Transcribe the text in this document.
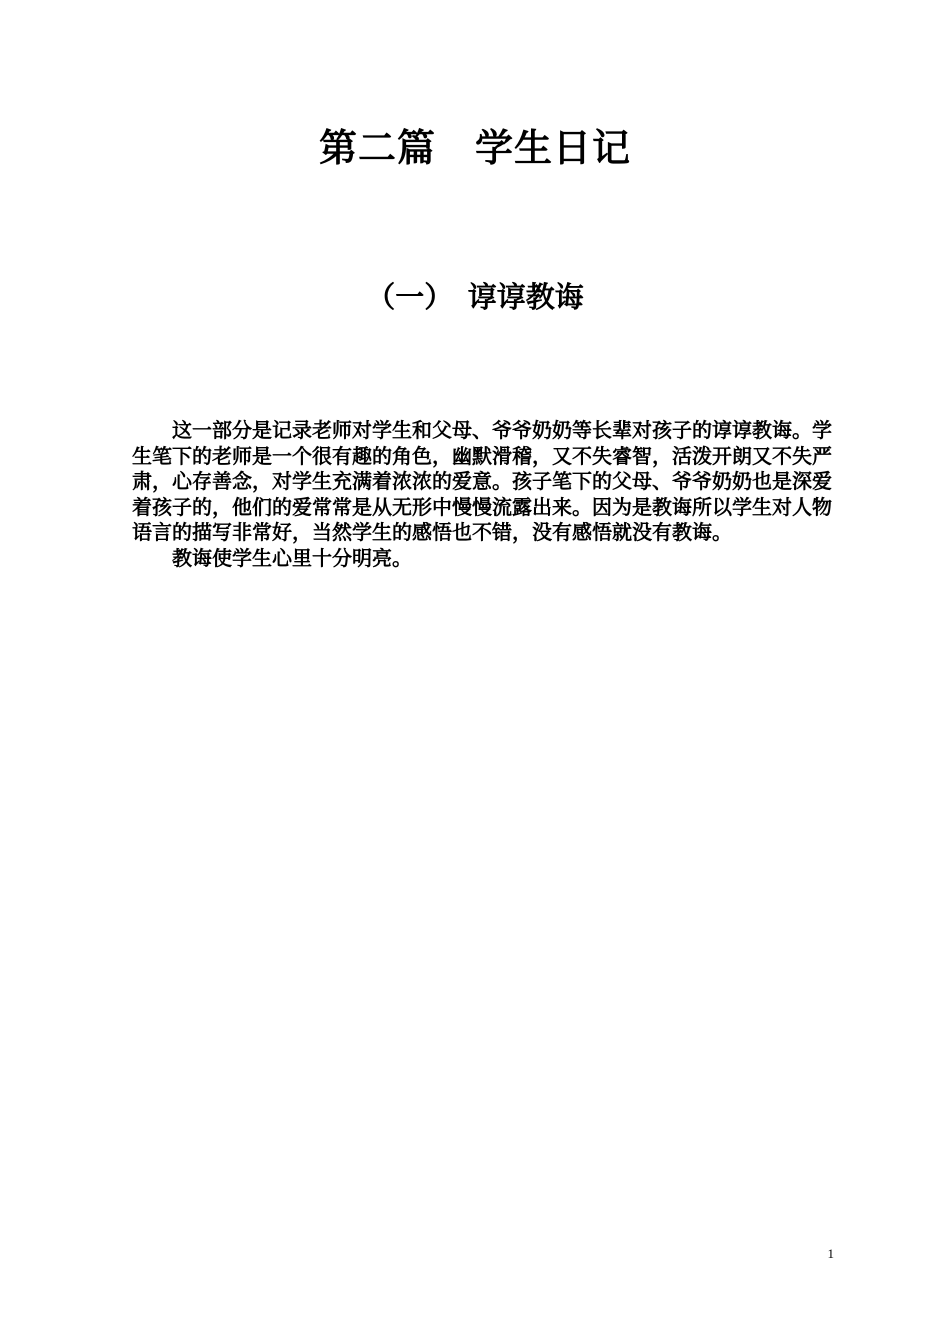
第二篇　学生日记
（一）　谆谆教诲

这一部分是记录老师对学生和父母、爷爷奶奶等长辈对孩子的谆谆教诲。学生笔下的老师是一个很有趣的角色，幽默滑稽，又不失睿智，活泼开朗又不失严肃，心存善念，对学生充满着浓浓的爱意。孩子笔下的父母、爷爷奶奶也是深爱着孩子的，他们的爱常常是从无形中慢慢流露出来。因为是教诲所以学生对人物语言的描写非常好，当然学生的感悟也不错，没有感悟就没有教诲。

教诲使学生心里十分明亮。

1
